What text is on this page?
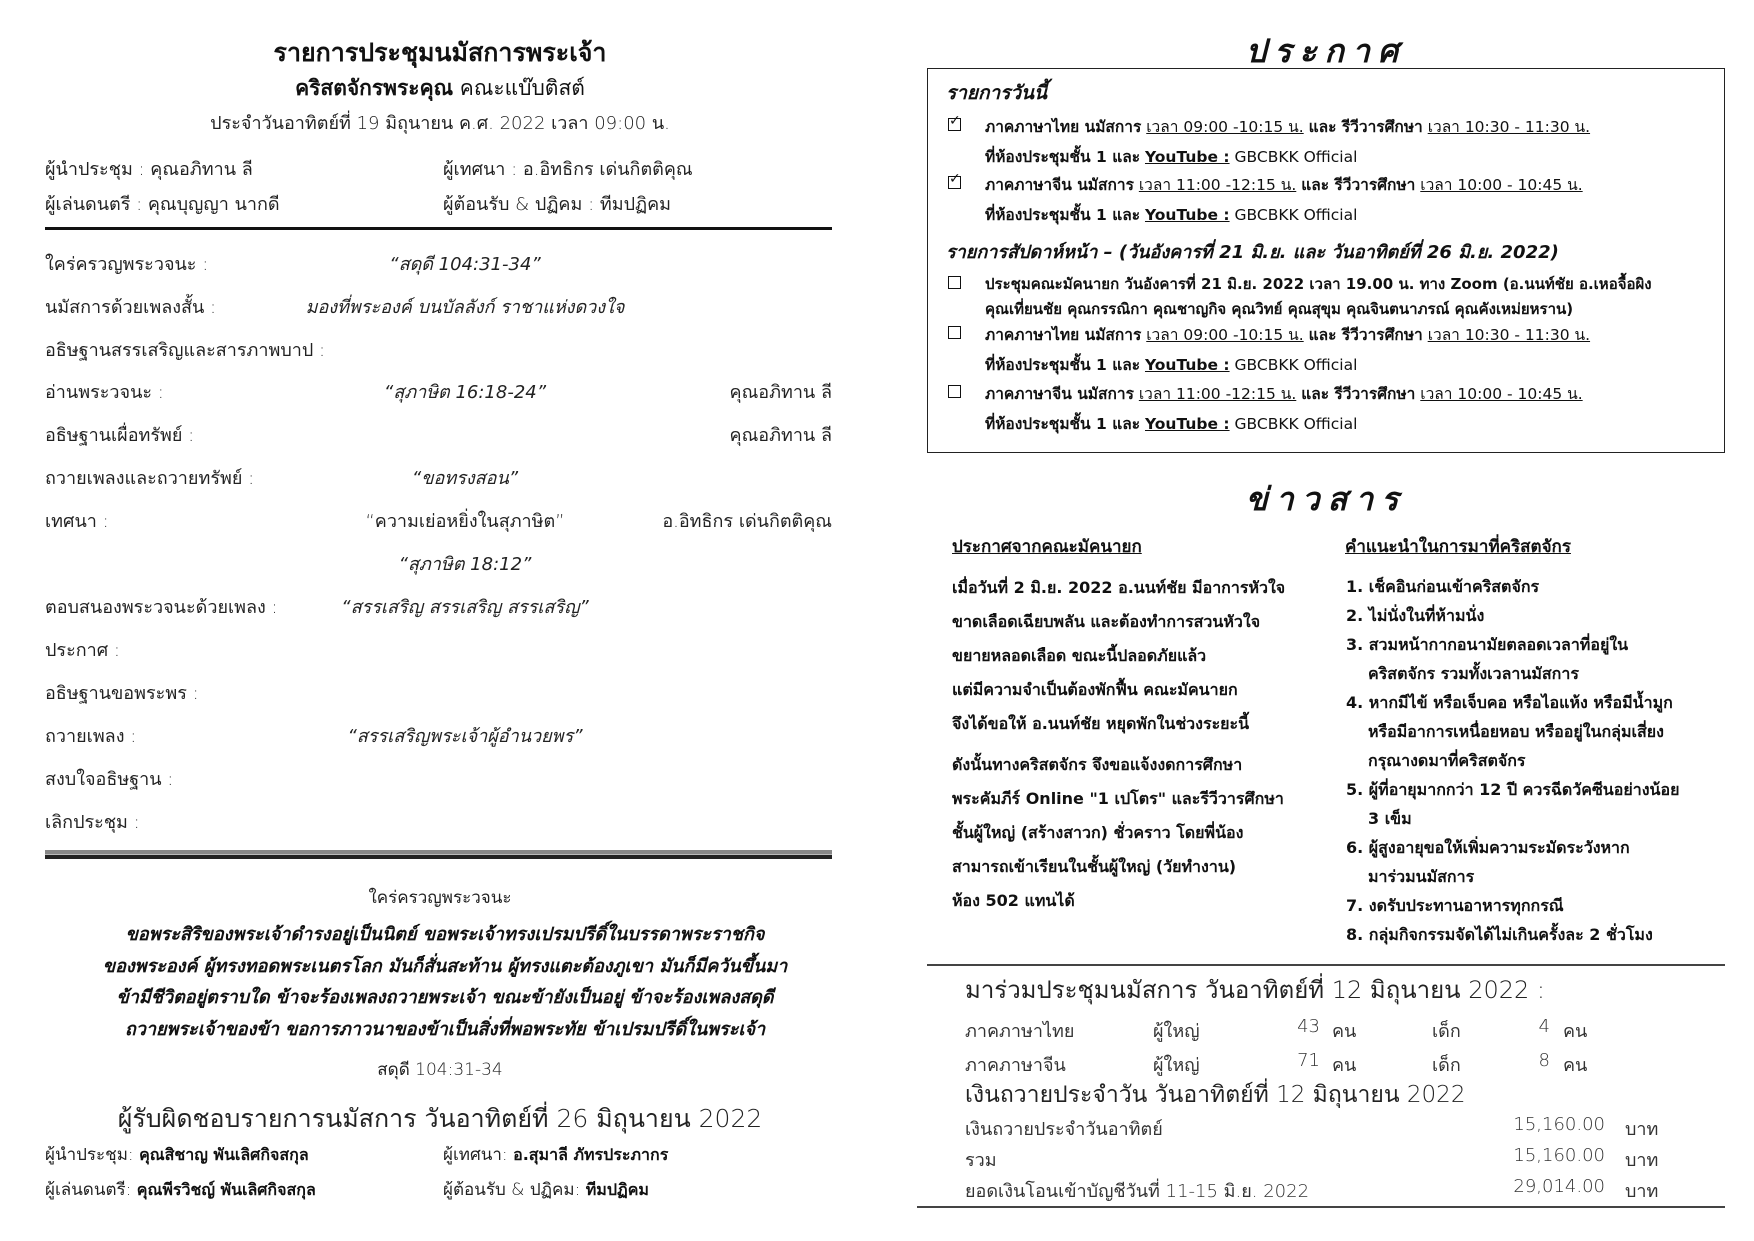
รายการประชุมนมัสการพระเจ้า
คริสตจักรพระคุณ คณะแบ๊บติสต์
ประจำวันอาทิตย์ที่ 19 มิถุนายน ค.ศ. 2022 เวลา 09:00 น.
ผู้นำประชุม : คุณอภิทาน ลี	ผู้เทศนา : อ.อิทธิกร เด่นกิตติคุณ
ผู้เล่นดนตรี : คุณบุญญา นากดี	ผู้ต้อนรับ & ปฏิคม : ทีมปฏิคม
ใคร่ครวญพระวจนะ :	“สดุดี 104:31-34”
นมัสการด้วยเพลงสั้น :	มองที่พระองค์ บนบัลลังก์ ราชาแห่งดวงใจ
อธิษฐานสรรเสริญและสารภาพบาป :
อ่านพระวจนะ :	“สุภาษิต 16:18-24”	คุณอภิทาน ลี
อธิษฐานเผื่อทรัพย์ :	คุณอภิทาน ลี
ถวายเพลงและถวายทรัพย์ :	“ขอทรงสอน”
เทศนา :	“ความเย่อหยิ่งในสุภาษิต”	อ.อิทธิกร เด่นกิตติคุณ
“สุภาษิต 18:12”
ตอบสนองพระวจนะด้วยเพลง :	“สรรเสริญ สรรเสริญ สรรเสริญ”
ประกาศ :
อธิษฐานขอพระพร :
ถวายเพลง :	“สรรเสริญพระเจ้าผู้อำนวยพร”
สงบใจอธิษฐาน :
เลิกประชุม :
ใคร่ครวญพระวจนะ
ขอพระสิริของพระเจ้าดำรงอยู่เป็นนิตย์ ขอพระเจ้าทรงเปรมปรีดิ์ในบรรดาพระราชกิจ
ของพระองค์ ผู้ทรงทอดพระเนตรโลก มันก็สั่นสะท้าน ผู้ทรงแตะต้องภูเขา มันก็มีควันขึ้นมา
ข้ามีชีวิตอยู่ตราบใด ข้าจะร้องเพลงถวายพระเจ้า ขณะข้ายังเป็นอยู่ ข้าจะร้องเพลงสดุดี
ถวายพระเจ้าของข้า ขอการภาวนาของข้าเป็นสิ่งที่พอพระทัย ข้าเปรมปรีดิ์ในพระเจ้า
สดุดี 104:31-34
ผู้รับผิดชอบรายการนมัสการ วันอาทิตย์ที่ 26 มิถุนายน 2022
ผู้นำประชุม: คุณสิชาญ พันเลิศกิจสกุล	ผู้เทศนา: อ.สุมาลี ภัทรประภากร
ผู้เล่นดนตรี: คุณพีรวิชญ์ พันเลิศกิจสกุล	ผู้ต้อนรับ & ปฏิคม: ทีมปฏิคม
ประกาศ
รายการวันนี้
✓
ภาคภาษาไทย นมัสการ เวลา 09:00 -10:15 น. และ รีวีวารศึกษา เวลา 10:30 - 11:30 น.
ที่ห้องประชุมชั้น 1 และ YouTube : GBCBKK Official
✓
ภาคภาษาจีน นมัสการ เวลา 11:00 -12:15 น. และ รีวีวารศึกษา เวลา 10:00 - 10:45 น.
ที่ห้องประชุมชั้น 1 และ YouTube : GBCBKK Official
รายการสัปดาห์หน้า – (วันอังคารที่ 21 มิ.ย. และ วันอาทิตย์ที่ 26 มิ.ย. 2022)
ประชุมคณะมัคนายก วันอังคารที่ 21 มิ.ย. 2022 เวลา 19.00 น. ทาง Zoom (อ.นนท์ชัย อ.เหอจื้อผิง
คุณเที่ยนชัย คุณกรรณิกา คุณชาญกิจ คุณวิทย์ คุณสุขุม คุณจินตนาภรณ์ คุณคังเหม่ยหราน)
ภาคภาษาไทย นมัสการ เวลา 09:00 -10:15 น. และ รีวีวารศึกษา เวลา 10:30 - 11:30 น.
ที่ห้องประชุมชั้น 1 และ YouTube : GBCBKK Official
ภาคภาษาจีน นมัสการ เวลา 11:00 -12:15 น. และ รีวีวารศึกษา เวลา 10:00 - 10:45 น.
ที่ห้องประชุมชั้น 1 และ YouTube : GBCBKK Official
ข่าวสาร
ประกาศจากคณะมัคนายก
เมื่อวันที่ 2 มิ.ย. 2022 อ.นนท์ชัย มีอาการหัวใจ
ขาดเลือดเฉียบพลัน และต้องทำการสวนหัวใจ
ขยายหลอดเลือด ขณะนี้ปลอดภัยแล้ว
แต่มีความจำเป็นต้องพักฟื้น คณะมัคนายก
จึงได้ขอให้ อ.นนท์ชัย หยุดพักในช่วงระยะนี้
ดังนั้นทางคริสตจักร จึงขอแจ้งงดการศึกษา
พระคัมภีร์ Online "1 เปโตร" และรีวีวารศึกษา
ชั้นผู้ใหญ่ (สร้างสาวก) ชั่วคราว โดยพี่น้อง
สามารถเข้าเรียนในชั้นผู้ใหญ่ (วัยทำงาน)
ห้อง 502 แทนได้
คำแนะนำในการมาที่คริสตจักร
1. เช็คอินก่อนเข้าคริสตจักร
2. ไม่นั่งในที่ห้ามนั่ง
3. สวมหน้ากากอนามัยตลอดเวลาที่อยู่ใน
คริสตจักร รวมทั้งเวลานมัสการ
4. หากมีไข้ หรือเจ็บคอ หรือไอแห้ง หรือมีน้ำมูก
หรือมีอาการเหนื่อยหอบ หรืออยู่ในกลุ่มเสี่ยง
กรุณางดมาที่คริสตจักร
5. ผู้ที่อายุมากกว่า 12 ปี ควรฉีดวัคซีนอย่างน้อย
3 เข็ม
6. ผู้สูงอายุขอให้เพิ่มความระมัดระวังหาก
มาร่วมนมัสการ
7. งดรับประทานอาหารทุกกรณี
8. กลุ่มกิจกรรมจัดได้ไม่เกินครั้งละ 2 ชั่วโมง
มาร่วมประชุมนมัสการ วันอาทิตย์ที่ 12 มิถุนายน 2022 :
ภาคภาษาไทย	ผู้ใหญ่	43 คน	เด็ก	4 คน
ภาคภาษาจีน	ผู้ใหญ่	71 คน	เด็ก	8 คน
เงินถวายประจำวัน วันอาทิตย์ที่ 12 มิถุนายน 2022
เงินถวายประจำวันอาทิตย์	15,160.00 บาท
รวม	15,160.00 บาท
ยอดเงินโอนเข้าบัญชีวันที่ 11-15 มิ.ย. 2022	29,014.00 บาท
